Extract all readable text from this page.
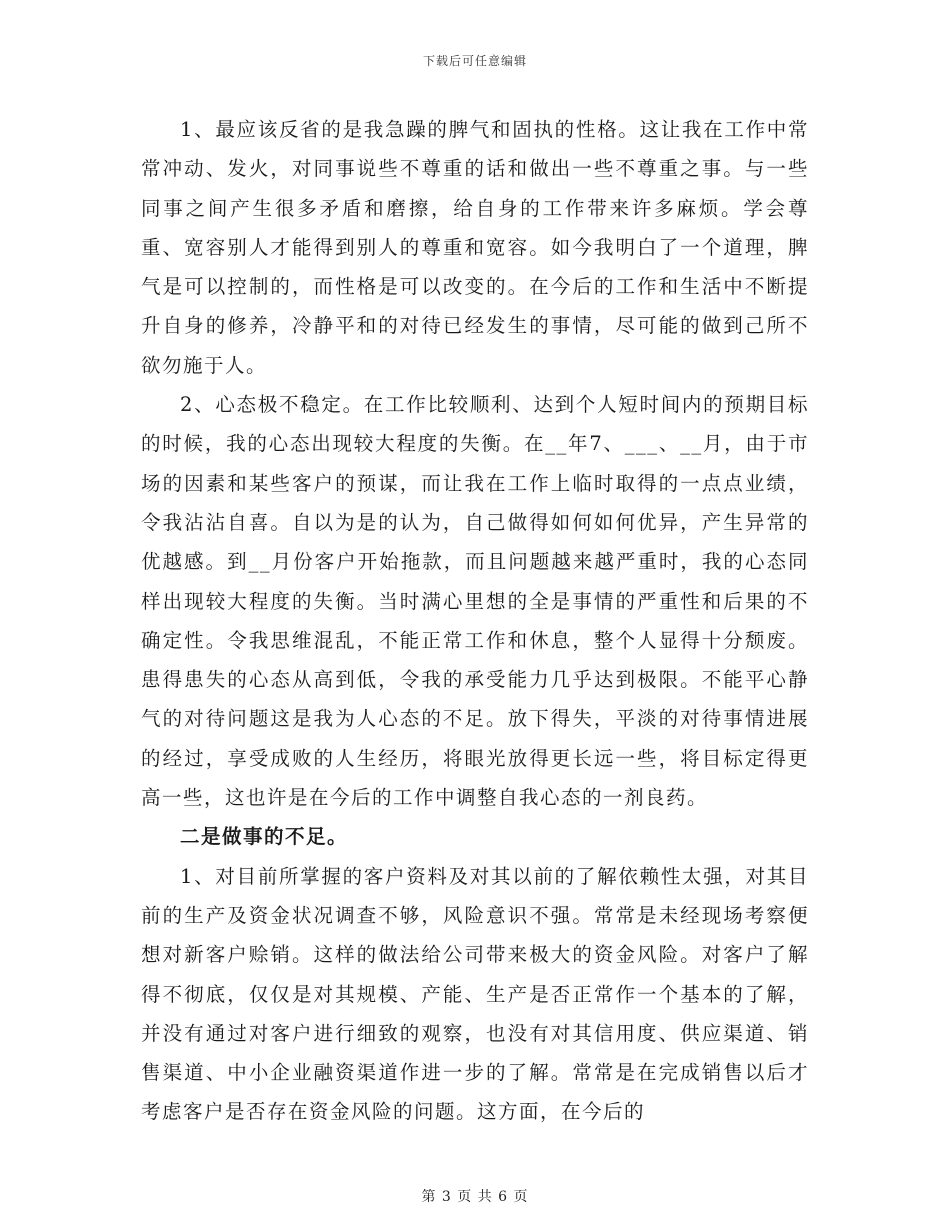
下载后可任意编辑

1、最应该反省的是我急躁的脾气和固执的性格。这让我在工作中常常冲动、发火，对同事说些不尊重的话和做出一些不尊重之事。与一些同事之间产生很多矛盾和磨擦，给自身的工作带来许多麻烦。学会尊重、宽容别人才能得到别人的尊重和宽容。如今我明白了一个道理，脾气是可以控制的，而性格是可以改变的。在今后的工作和生活中不断提升自身的修养，冷静平和的对待已经发生的事情，尽可能的做到己所不欲勿施于人。

2、心态极不稳定。在工作比较顺利、达到个人短时间内的预期目标的时候，我的心态出现较大程度的失衡。在__年7、___、__月，由于市场的因素和某些客户的预谋，而让我在工作上临时取得的一点点业绩，令我沾沾自喜。自以为是的认为，自己做得如何如何优异，产生异常的优越感。到__月份客户开始拖款，而且问题越来越严重时，我的心态同样出现较大程度的失衡。当时满心里想的全是事情的严重性和后果的不确定性。令我思维混乱，不能正常工作和休息，整个人显得十分颓废。患得患失的心态从高到低，令我的承受能力几乎达到极限。不能平心静气的对待问题这是我为人心态的不足。放下得失，平淡的对待事情进展的经过，享受成败的人生经历，将眼光放得更长远一些，将目标定得更高一些，这也许是在今后的工作中调整自我心态的一剂良药。

二是做事的不足。

1、对目前所掌握的客户资料及对其以前的了解依赖性太强，对其目前的生产及资金状况调查不够，风险意识不强。常常是未经现场考察便想对新客户赊销。这样的做法给公司带来极大的资金风险。对客户了解得不彻底，仅仅是对其规模、产能、生产是否正常作一个基本的了解，并没有通过对客户进行细致的观察，也没有对其信用度、供应渠道、销售渠道、中小企业融资渠道作进一步的了解。常常是在完成销售以后才考虑客户是否存在资金风险的问题。这方面，在今后的

第 3 页 共 6 页
